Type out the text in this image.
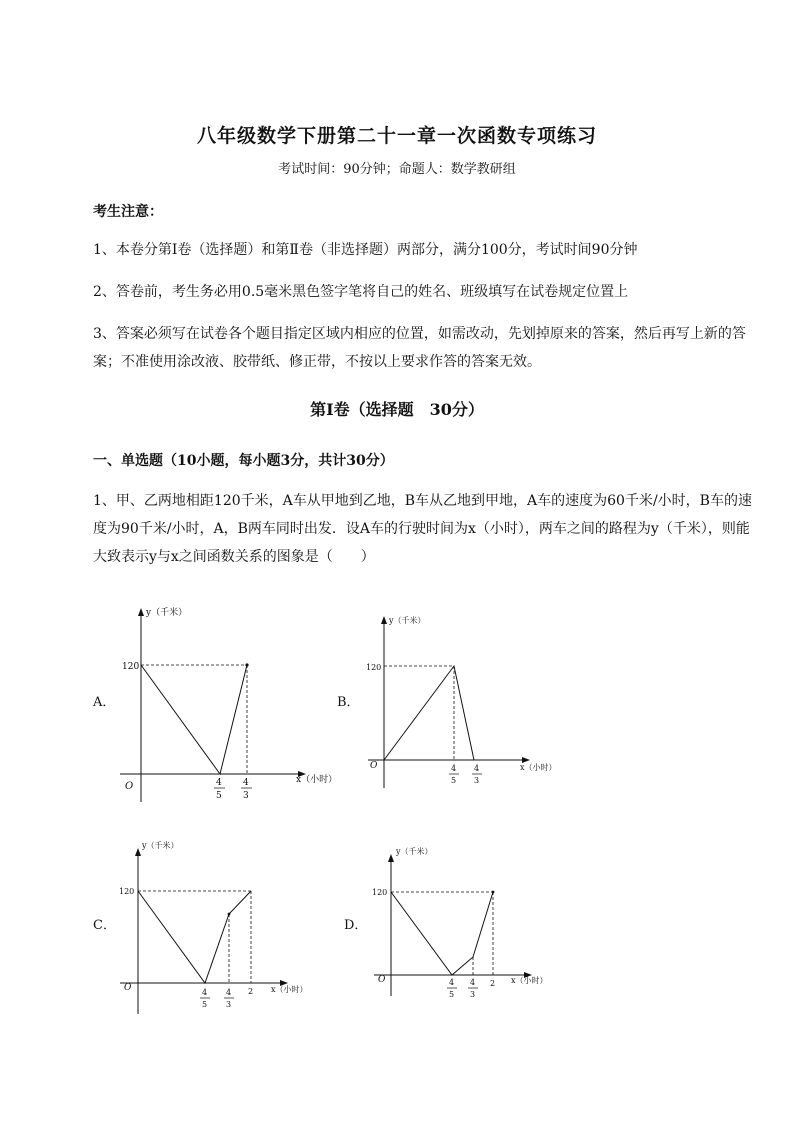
八年级数学下册第二十一章一次函数专项练习
考试时间：90分钟；命题人：数学教研组
考生注意：
1、本卷分第Ⅰ卷（选择题）和第Ⅱ卷（非选择题）两部分，满分100分，考试时间90分钟
2、答卷前，考生务必用0.5毫米黑色签字笔将自己的姓名、班级填写在试卷规定位置上
3、答案必须写在试卷各个题目指定区域内相应的位置，如需改动，先划掉原来的答案，然后再写上新的答案；不准使用涂改液、胶带纸、修正带，不按以上要求作答的答案无效。
第Ⅰ卷（选择题　30分）
一、单选题（10小题，每小题3分，共计30分）
1、甲、乙两地相距120千米，A车从甲地到乙地，B车从乙地到甲地，A车的速度为60千米/小时，B车的速度为90千米/小时，A，B两车同时出发．设A车的行驶时间为x（小时），两车之间的路程为y（千米），则能大致表示y与x之间函数关系的图象是（　　）
A．	B．
C．	D．
y（千米）
120
O
x（小时）
4
5
4
3
y（千米）
120
O	x（小时）
4
5
4
3
y（千米）
120
O	x（小时）
4
5
4
3
2
y（千米）
120
O	x（小时）
4
5
4
3
2
